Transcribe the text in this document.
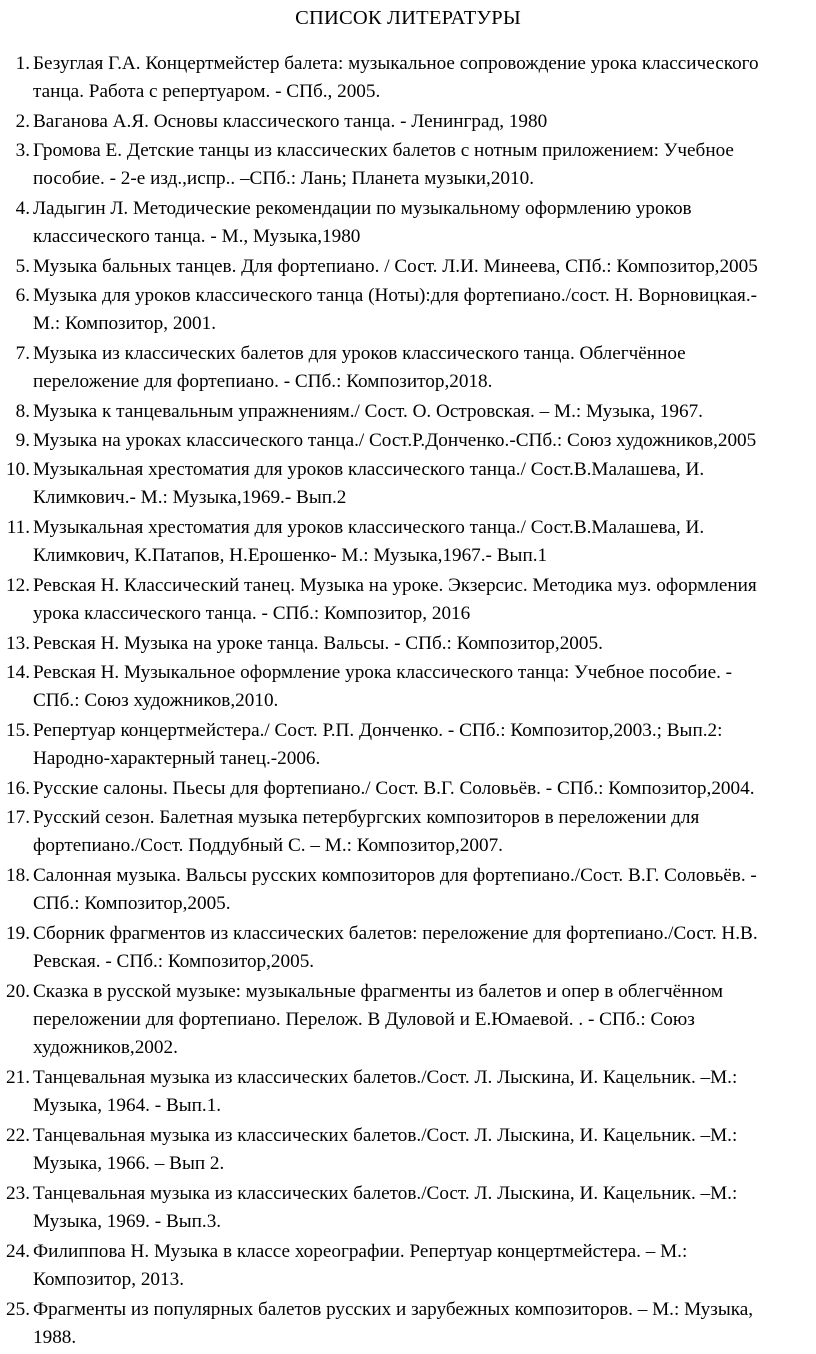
СПИСОК ЛИТЕРАТУРЫ
1. Безуглая Г.А. Концертмейстер балета: музыкальное сопровождение урока классического
танца. Работа с репертуаром. - СПб., 2005.
2. Ваганова А.Я. Основы классического танца. - Ленинград, 1980
3. Громова Е. Детские танцы из классических балетов с нотным приложением: Учебное
пособие. - 2-е изд.,испр.. –СПб.: Лань; Планета музыки,2010.
4. Ладыгин Л. Методические рекомендации по музыкальному оформлению уроков
классического танца. - М., Музыка,1980
5. Музыка бальных танцев. Для фортепиано. / Сост. Л.И. Минеева, СПб.: Композитор,2005
6. Музыка для уроков классического танца (Ноты):для фортепиано./сост. Н. Ворновицкая.-
М.: Композитор, 2001.
7. Музыка из классических балетов для уроков классического танца. Облегчённое
переложение для фортепиано. - СПб.: Композитор,2018.
8. Музыка к танцевальным упражнениям./ Сост. О. Островская. – М.: Музыка, 1967.
9. Музыка на уроках классического танца./ Сост.Р.Донченко.-СПб.: Союз художников,2005
10. Музыкальная хрестоматия для уроков классического танца./ Сост.В.Малашева, И.
Климкович.- М.: Музыка,1969.- Вып.2
11. Музыкальная хрестоматия для уроков классического танца./ Сост.В.Малашева, И.
Климкович, К.Патапов, Н.Ерошенко- М.: Музыка,1967.- Вып.1
12. Ревская Н. Классический танец. Музыка на уроке. Экзерсис. Методика муз. оформления
урока классического танца. - СПб.: Композитор, 2016
13. Ревская Н. Музыка на уроке танца. Вальсы. - СПб.: Композитор,2005.
14. Ревская Н. Музыкальное оформление урока классического танца: Учебное пособие. -
СПб.: Союз художников,2010.
15. Репертуар концертмейстера./ Сост. Р.П. Донченко. - СПб.: Композитор,2003.; Вып.2:
Народно-характерный танец.-2006.
16. Русские салоны. Пьесы для фортепиано./ Сост. В.Г. Соловьёв. - СПб.: Композитор,2004.
17. Русский сезон. Балетная музыка петербургских композиторов в переложении для
фортепиано./Сост. Поддубный С. – М.: Композитор,2007.
18. Салонная музыка. Вальсы русских композиторов для фортепиано./Сост. В.Г. Соловьёв. -
СПб.: Композитор,2005.
19. Сборник фрагментов из классических балетов: переложение для фортепиано./Сост. Н.В.
Ревская. - СПб.: Композитор,2005.
20. Сказка в русской музыке: музыкальные фрагменты из балетов и опер в облегчённом
переложении для фортепиано. Перелож. В Дуловой и Е.Юмаевой. . - СПб.: Союз
художников,2002.
21. Танцевальная музыка из классических балетов./Сост. Л. Лыскина, И. Кацельник. –М.:
Музыка, 1964. - Вып.1.
22. Танцевальная музыка из классических балетов./Сост. Л. Лыскина, И. Кацельник. –М.:
Музыка, 1966. – Вып 2.
23. Танцевальная музыка из классических балетов./Сост. Л. Лыскина, И. Кацельник. –М.:
Музыка, 1969. - Вып.3.
24. Филиппова Н. Музыка в классе хореографии. Репертуар концертмейстера. – М.:
Композитор, 2013.
25. Фрагменты из популярных балетов русских и зарубежных композиторов. – М.: Музыка,
1988.
